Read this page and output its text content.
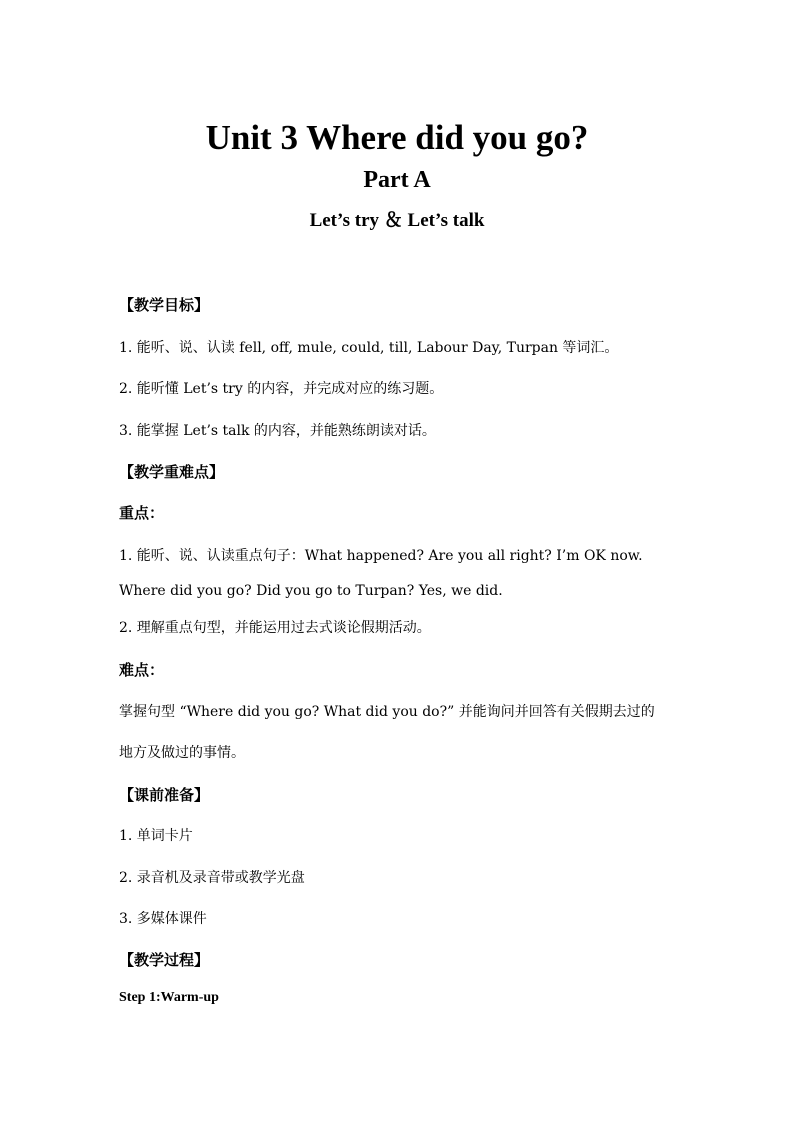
Unit 3 Where did you go?
Part A
Let’s try ＆ Let’s talk
【教学目标】
1. 能听、说、认读 fell, off, mule, could, till, Labour Day, Turpan 等词汇。
2. 能听懂 Let’s try 的内容，并完成对应的练习题。
3. 能掌握 Let’s talk 的内容，并能熟练朗读对话。
【教学重难点】
重点：
1. 能听、说、认读重点句子：What happened? Are you all right? I’m OK now.
Where did you go? Did you go to Turpan? Yes, we did.
2. 理解重点句型，并能运用过去式谈论假期活动。
难点：
掌握句型 “Where did you go? What did you do?” 并能询问并回答有关假期去过的
地方及做过的事情。
【课前准备】
1. 单词卡片
2. 录音机及录音带或教学光盘
3. 多媒体课件
【教学过程】
Step 1:Warm-up
